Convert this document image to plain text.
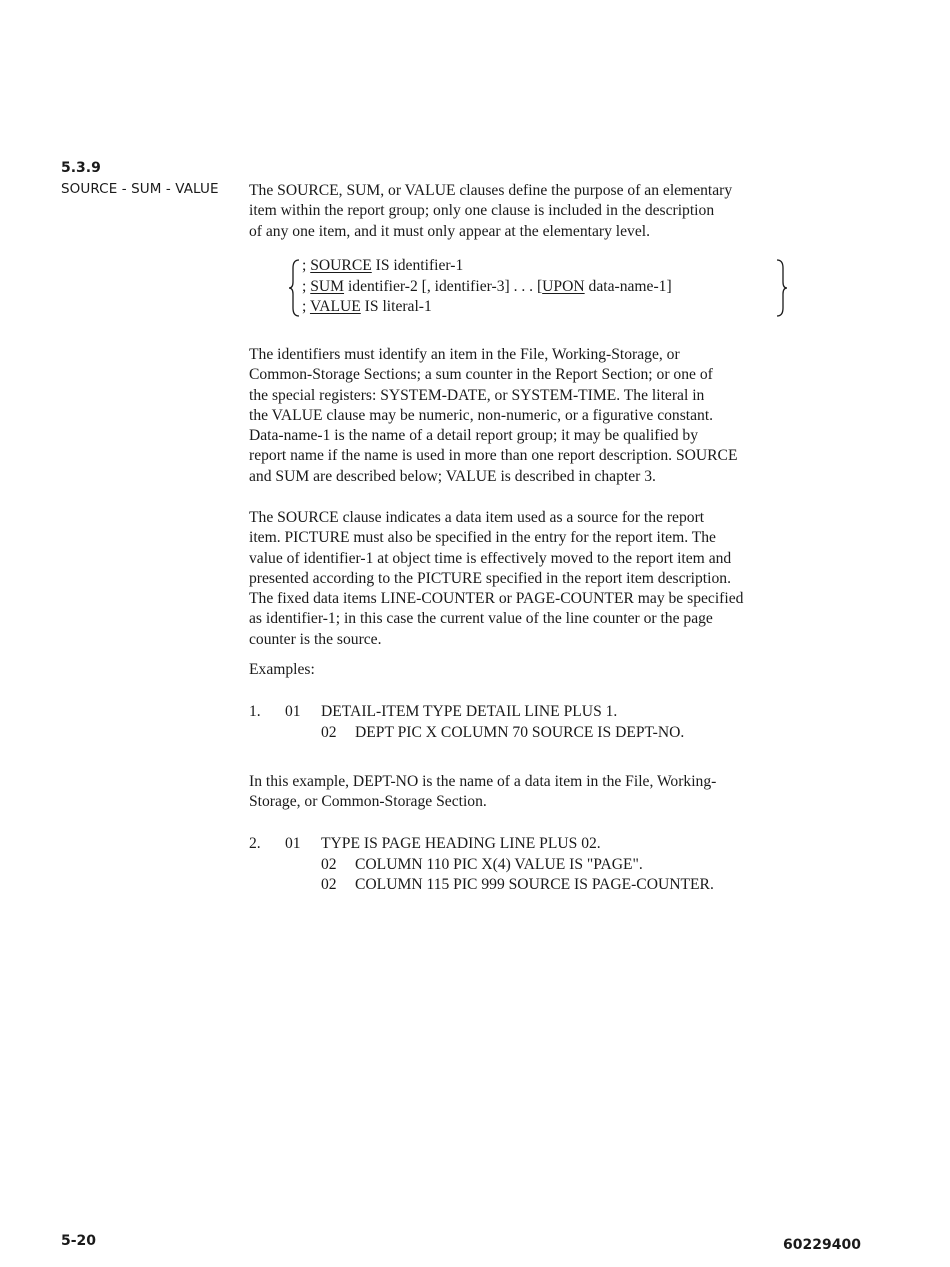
5.3.9
SOURCE - SUM - VALUE The SOURCE, SUM, or VALUE clauses define the purpose of an elementary
item within the report group; only one clause is included in the description
of any one item, and it must only appear at the elementary level.
; SOURCE IS identifier-1
; SUM identifier-2 [, identifier-3] . . . [UPON data-name-1]
; VALUE IS literal-1
The identifiers must identify an item in the File, Working-Storage, or
Common-Storage Sections; a sum counter in the Report Section; or one of
the special registers: SYSTEM-DATE, or SYSTEM-TIME. The literal in
the VALUE clause may be numeric, non-numeric, or a figurative constant.
Data-name-1 is the name of a detail report group; it may be qualified by
report name if the name is used in more than one report description. SOURCE
and SUM are described below; VALUE is described in chapter 3.
The SOURCE clause indicates a data item used as a source for the report
item. PICTURE must also be specified in the entry for the report item. The
value of identifier-1 at object time is effectively moved to the report item and
presented according to the PICTURE specified in the report item description.
The fixed data items LINE-COUNTER or PAGE-COUNTER may be specified
as identifier-1; in this case the current value of the line counter or the page
counter is the source.
Examples:
1. 01 DETAIL-ITEM TYPE DETAIL LINE PLUS 1.
02 DEPT PIC X COLUMN 70 SOURCE IS DEPT-NO.
In this example, DEPT-NO is the name of a data item in the File, Working-
Storage, or Common-Storage Section.
2. 01 TYPE IS PAGE HEADING LINE PLUS 02.
02 COLUMN 110 PIC X(4) VALUE IS "PAGE".
02 COLUMN 115 PIC 999 SOURCE IS PAGE-COUNTER.
5-20	60229400
